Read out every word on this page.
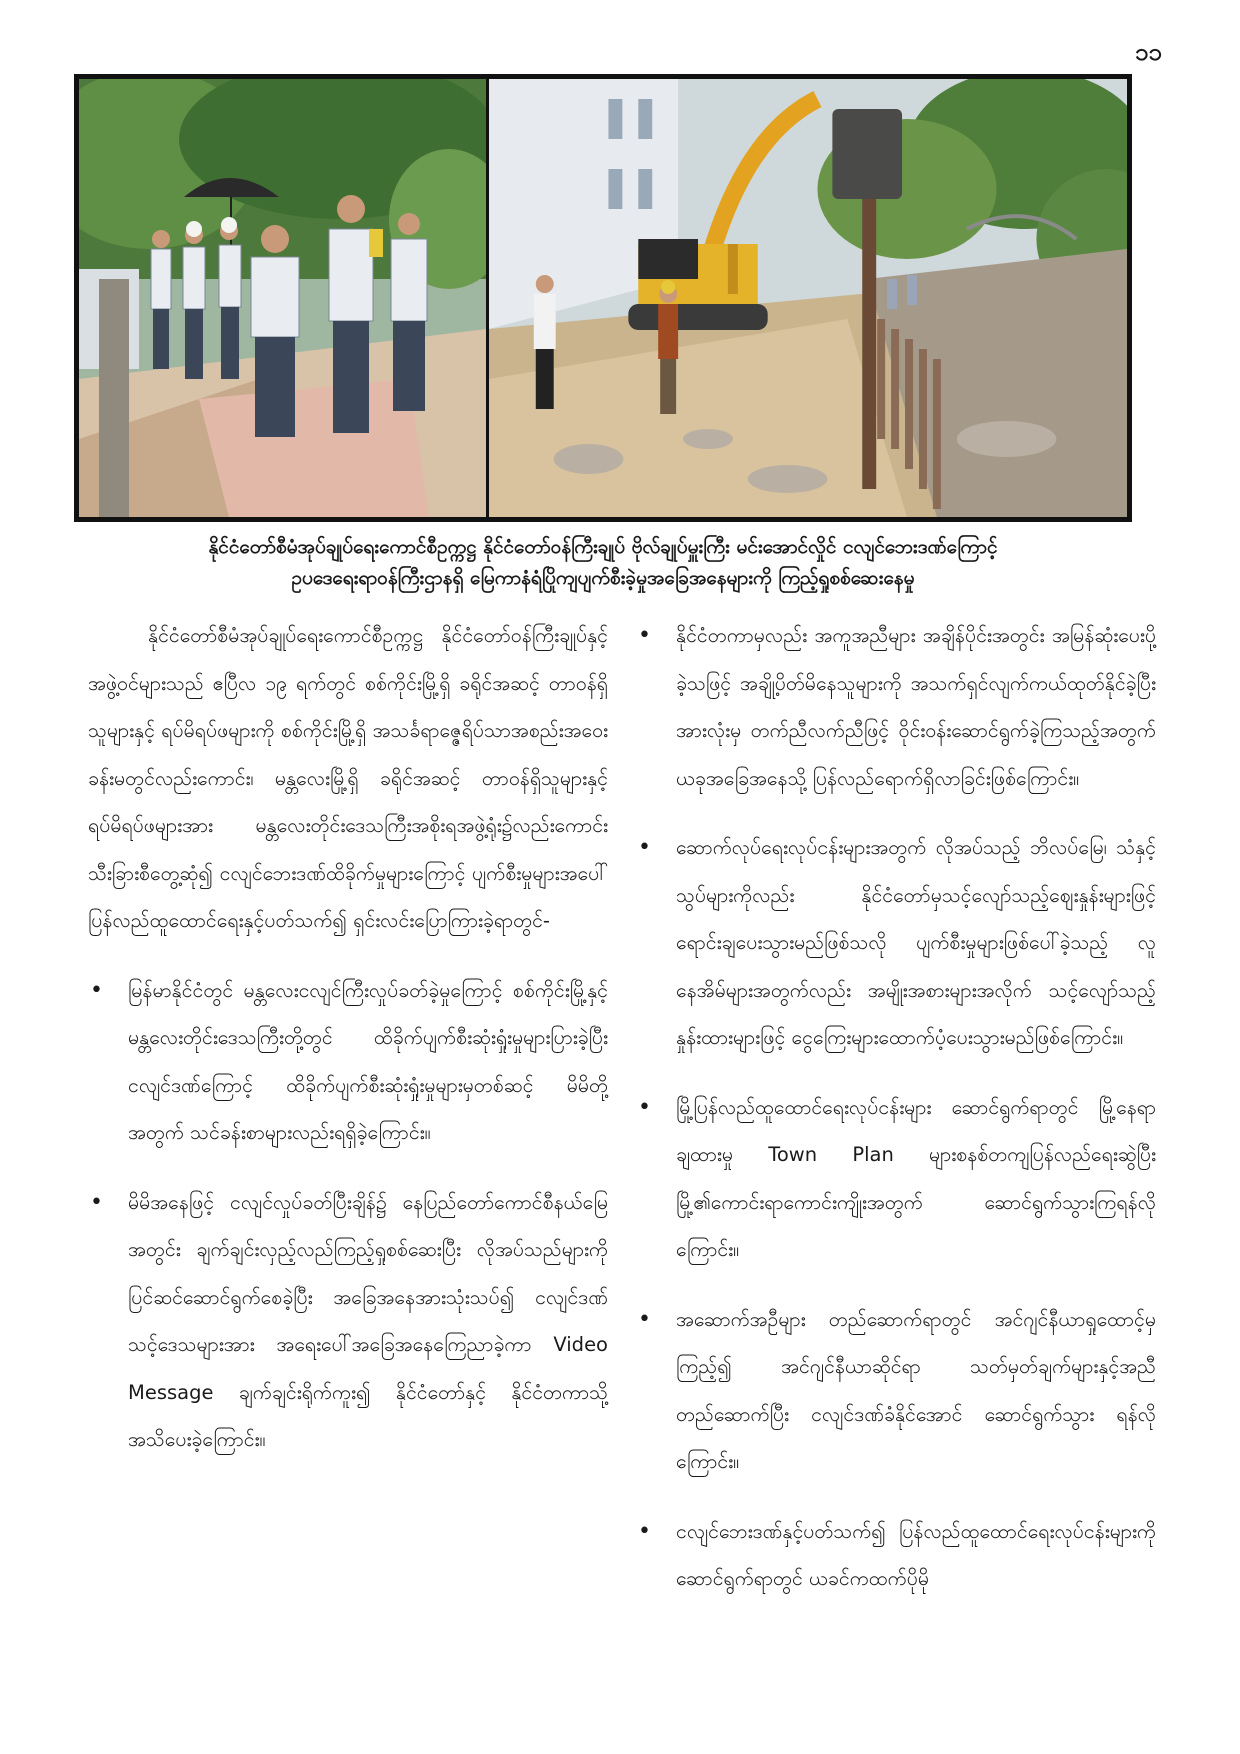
၁၁
နိုင်ငံတော်စီမံအုပ်ချုပ်ရေးကောင်စီဥက္ကဋ္ဌ နိုင်ငံတော်ဝန်ကြီးချုပ် ဗိုလ်ချုပ်မှူးကြီး မင်းအောင်လှိုင် ငလျင်ဘေးဒဏ်ကြောင့်
ဥပဒေရေးရာဝန်ကြီးဌာနရှိ မြေကာနံရံပြိုကျပျက်စီးခဲ့မှုအခြေအနေများကို ကြည့်ရှုစစ်ဆေးနေမှု

နိုင်ငံတော်စီမံအုပ်ချုပ်ရေးကောင်စီဥက္ကဋ္ဌ နိုင်ငံတော်ဝန်ကြီးချုပ်နှင့် အဖွဲ့ဝင်များသည် ဧပြီလ ၁၉ ရက်တွင် စစ်ကိုင်းမြို့ရှိ ခရိုင်အဆင့် တာဝန်ရှိသူများနှင့် ရပ်မိရပ်ဖများကို စစ်ကိုင်းမြို့ရှိ အသင်္ခရာဇ္ဇေရိပ်သာအစည်းအဝေးခန်းမတွင်လည်းကောင်း၊ မန္တလေးမြို့ရှိ ခရိုင်အဆင့် တာဝန်ရှိသူများနှင့် ရပ်မိရပ်ဖများအား မန္တလေးတိုင်းဒေသကြီးအစိုးရအဖွဲ့ရုံး၌လည်းကောင်း သီးခြားစီတွေ့ဆုံ၍ ငလျင်ဘေးဒဏ်ထိခိုက်မှုများကြောင့် ပျက်စီးမှုများအပေါ် ပြန်လည်ထူထောင်ရေးနှင့်ပတ်သက်၍ ရှင်းလင်းပြောကြားခဲ့ရာတွင်-

• မြန်မာနိုင်ငံတွင် မန္တလေးငလျင်ကြီးလှုပ်ခတ်ခဲ့မှုကြောင့် စစ်ကိုင်းမြို့နှင့် မန္တလေးတိုင်းဒေသကြီးတို့တွင် ထိခိုက်ပျက်စီးဆုံးရှုံးမှုများပြားခဲ့ပြီး ငလျင်ဒဏ်ကြောင့် ထိခိုက်ပျက်စီးဆုံးရှုံးမှုများမှတစ်ဆင့် မိမိတို့အတွက် သင်ခန်းစာများလည်းရရှိခဲ့ကြောင်း။
• မိမိအနေဖြင့် ငလျင်လှုပ်ခတ်ပြီးချိန်၌ နေပြည်တော်ကောင်စီနယ်မြေအတွင်း ချက်ချင်းလှည့်လည်ကြည့်ရှုစစ်ဆေးပြီး လိုအပ်သည်များကို ပြင်ဆင်ဆောင်ရွက်စေခဲ့ပြီး အခြေအနေအားသုံးသပ်၍ ငလျင်ဒဏ်သင့်ဒေသများအား အရေးပေါ်အခြေအနေကြေညာခဲ့ကာ Video Message ချက်ချင်းရိုက်ကူး၍ နိုင်ငံတော်နှင့် နိုင်ငံတကာသို့ အသိပေးခဲ့ကြောင်း။
• နိုင်ငံတကာမှလည်း အကူအညီများ အချိန်ပိုင်းအတွင်း အမြန်ဆုံးပေးပို့ခဲ့သဖြင့် အချို့ပိတ်မိနေသူများကို အသက်ရှင်လျက်ကယ်ထုတ်နိုင်ခဲ့ပြီး အားလုံးမှ တက်ညီလက်ညီဖြင့် ဝိုင်းဝန်းဆောင်ရွက်ခဲ့ကြသည့်အတွက် ယခုအခြေအနေသို့ ပြန်လည်ရောက်ရှိလာခြင်းဖြစ်ကြောင်း။
• ဆောက်လုပ်ရေးလုပ်ငန်းများအတွက် လိုအပ်သည့် ဘိလပ်မြေ၊ သံနှင့်သွပ်များကိုလည်း နိုင်ငံတော်မှသင့်လျော်သည့်ဈေးနှုန်းများဖြင့် ရောင်းချပေးသွားမည်ဖြစ်သလို ပျက်စီးမှုများဖြစ်ပေါ်ခဲ့သည့် လူနေအိမ်များအတွက်လည်း အမျိုးအစားများအလိုက် သင့်လျော်သည့် နှုန်းထားများဖြင့် ငွေကြေးများထောက်ပံ့ပေးသွားမည်ဖြစ်ကြောင်း။
• မြို့ပြန်လည်ထူထောင်ရေးလုပ်ငန်းများ ဆောင်ရွက်ရာတွင် မြို့နေရာချထားမှု Town Plan များစနစ်တကျပြန်လည်ရေးဆွဲပြီး မြို့၏ကောင်းရာကောင်းကျိုးအတွက် ဆောင်ရွက်သွားကြရန်လိုကြောင်း။
• အဆောက်အဦများ တည်ဆောက်ရာတွင် အင်ဂျင်နီယာရှုထောင့်မှကြည့်၍ အင်ဂျင်နီယာဆိုင်ရာ သတ်မှတ်ချက်များနှင့်အညီတည်ဆောက်ပြီး ငလျင်ဒဏ်ခံနိုင်အောင် ဆောင်ရွက်သွား ရန်လိုကြောင်း။
• ငလျင်ဘေးဒဏ်နှင့်ပတ်သက်၍ ပြန်လည်ထူထောင်ရေးလုပ်ငန်းများကို ဆောင်ရွက်ရာတွင် ယခင်ကထက်ပိုမို
